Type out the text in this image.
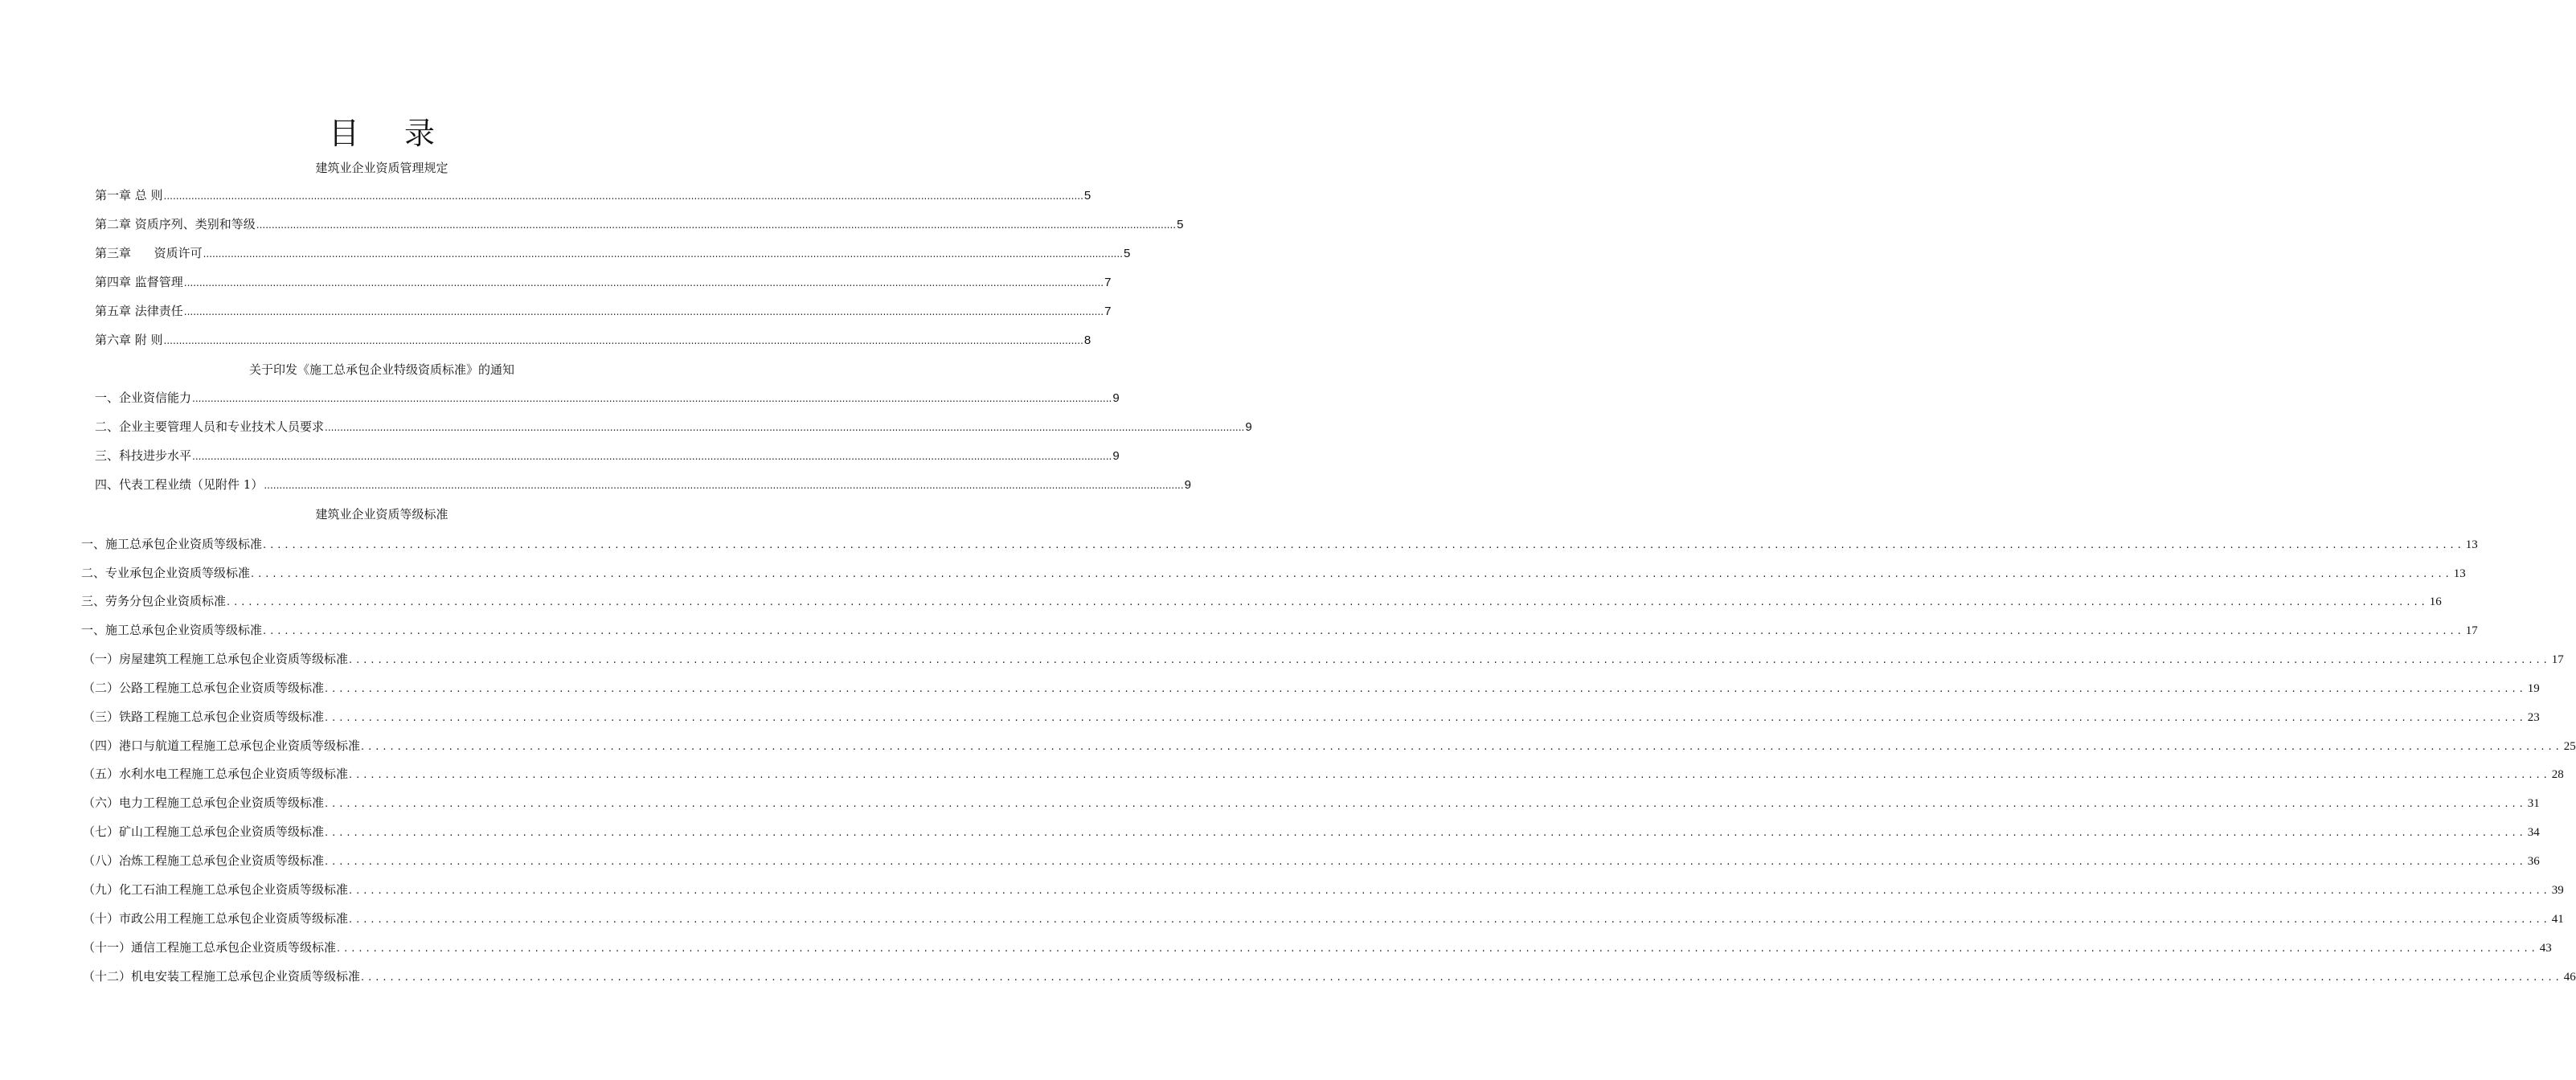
目 录
建筑业企业资质管理规定
第一章 总 则 ............................................................................................................................................................................................................................................................................................................ 5
第二章 资质序列、类别和等级 ............................................................................................................................................................................................................................................................................................................ 5
第三章      资质许可 ............................................................................................................................................................................................................................................................................................................ 5
第四章 监督管理 ............................................................................................................................................................................................................................................................................................................ 7
第五章 法律责任 ............................................................................................................................................................................................................................................................................................................ 7
第六章 附 则 ............................................................................................................................................................................................................................................................................................................ 8
关于印发《施工总承包企业特级资质标准》的通知
一、企业资信能力 ............................................................................................................................................................................................................................................................................................................ 9
二、企业主要管理人员和专业技术人员要求 ............................................................................................................................................................................................................................................................................................................ 9
三、科技进步水平 ............................................................................................................................................................................................................................................................................................................ 9
四、代表工程业绩（见附件 1） ............................................................................................................................................................................................................................................................................................................ 9
建筑业企业资质等级标准
一、施工总承包企业资质等级标准 ............................................................................................................................................................................................................................................................................................................ 13
二、专业承包企业资质等级标准 ............................................................................................................................................................................................................................................................................................................ 13
三、劳务分包企业资质标准 ............................................................................................................................................................................................................................................................................................................ 16
一、施工总承包企业资质等级标准 ............................................................................................................................................................................................................................................................................................................ 17
（一）房屋建筑工程施工总承包企业资质等级标准 ............................................................................................................................................................................................................................................................................................................ 17
（二）公路工程施工总承包企业资质等级标准 ............................................................................................................................................................................................................................................................................................................ 19
（三）铁路工程施工总承包企业资质等级标准 ............................................................................................................................................................................................................................................................................................................ 23
（四）港口与航道工程施工总承包企业资质等级标准 ............................................................................................................................................................................................................................................................................................................ 25
（五）水利水电工程施工总承包企业资质等级标准 ............................................................................................................................................................................................................................................................................................................ 28
（六）电力工程施工总承包企业资质等级标准 ............................................................................................................................................................................................................................................................................................................ 31
（七）矿山工程施工总承包企业资质等级标准 ............................................................................................................................................................................................................................................................................................................ 34
（八）冶炼工程施工总承包企业资质等级标准 ............................................................................................................................................................................................................................................................................................................ 36
（九）化工石油工程施工总承包企业资质等级标准 ............................................................................................................................................................................................................................................................................................................ 39
（十）市政公用工程施工总承包企业资质等级标准 ............................................................................................................................................................................................................................................................................................................ 41
（十一）通信工程施工总承包企业资质等级标准 ............................................................................................................................................................................................................................................................................................................ 43
（十二）机电安装工程施工总承包企业资质等级标准 ............................................................................................................................................................................................................................................................................................................ 46
